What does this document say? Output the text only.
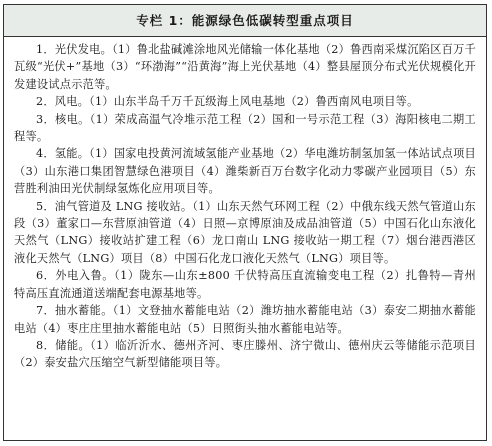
专栏 1：能源绿色低碳转型重点项目

1．光伏发电。（1）鲁北盐碱滩涂地风光储输一体化基地（2）鲁西南采煤沉陷区百万千瓦级“光伏+”基地（3）“环渤海”“沿黄海”海上光伏基地（4）整县屋顶分布式光伏规模化开发建设试点示范等。

2．风电。（1）山东半岛千万千瓦级海上风电基地（2）鲁西南风电项目等。

3．核电。（1）荣成高温气冷堆示范工程（2）国和一号示范工程（3）海阳核电二期工程等。

4．氢能。（1）国家电投黄河流域氢能产业基地（2）华电潍坊制氢加氢一体站试点项目（3）山东港口集团智慧绿色港项目（4）潍柴新百万台数字化动力零碳产业园项目（5）东营胜利油田光伏制绿氢炼化应用项目等。

5．油气管道及 LNG 接收站。（1）山东天然气环网工程（2）中俄东线天然气管道山东段（3）董家口—东营原油管道（4）日照—京博原油及成品油管道（5）中国石化山东液化天然气（LNG）接收站扩建工程（6）龙口南山 LNG 接收站一期工程（7）烟台港西港区液化天然气（LNG）项目（8）中国石化龙口液化天然气（LNG）项目等。

6．外电入鲁。（1）陇东—山东±800 千伏特高压直流输变电工程（2）扎鲁特—青州特高压直流通道送端配套电源基地等。

7．抽水蓄能。（1）文登抽水蓄能电站（2）潍坊抽水蓄能电站（3）泰安二期抽水蓄能电站（4）枣庄庄里抽水蓄能电站（5）日照街头抽水蓄能电站等。

8．储能。（1）临沂沂水、德州齐河、枣庄滕州、济宁微山、德州庆云等储能示范项目（2）泰安盐穴压缩空气新型储能项目等。
